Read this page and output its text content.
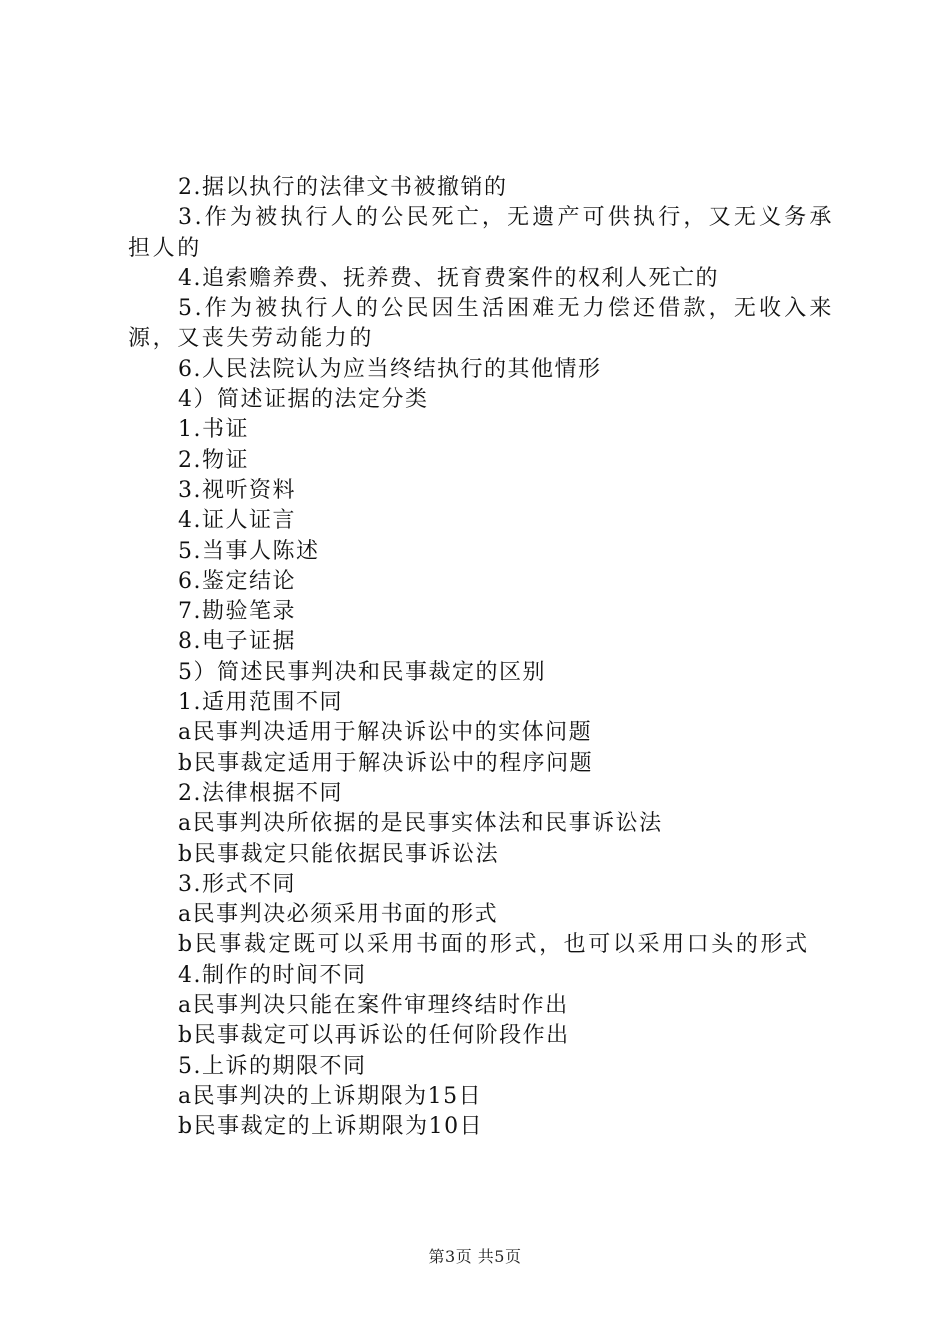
2.据以执行的法律文书被撤销的
3.作为被执行人的公民死亡，无遗产可供执行，又无义务承担人的
4.追索赡养费、抚养费、抚育费案件的权利人死亡的
5.作为被执行人的公民因生活困难无力偿还借款，无收入来源，又丧失劳动能力的
6.人民法院认为应当终结执行的其他情形
4）简述证据的法定分类
1.书证
2.物证
3.视听资料
4.证人证言
5.当事人陈述
6.鉴定结论
7.勘验笔录
8.电子证据
5）简述民事判决和民事裁定的区别
1.适用范围不同
a民事判决适用于解决诉讼中的实体问题
b民事裁定适用于解决诉讼中的程序问题
2.法律根据不同
a民事判决所依据的是民事实体法和民事诉讼法
b民事裁定只能依据民事诉讼法
3.形式不同
a民事判决必须采用书面的形式
b民事裁定既可以采用书面的形式，也可以采用口头的形式
4.制作的时间不同
a民事判决只能在案件审理终结时作出
b民事裁定可以再诉讼的任何阶段作出
5.上诉的期限不同
a民事判决的上诉期限为15日
b民事裁定的上诉期限为10日
第3页 共5页
